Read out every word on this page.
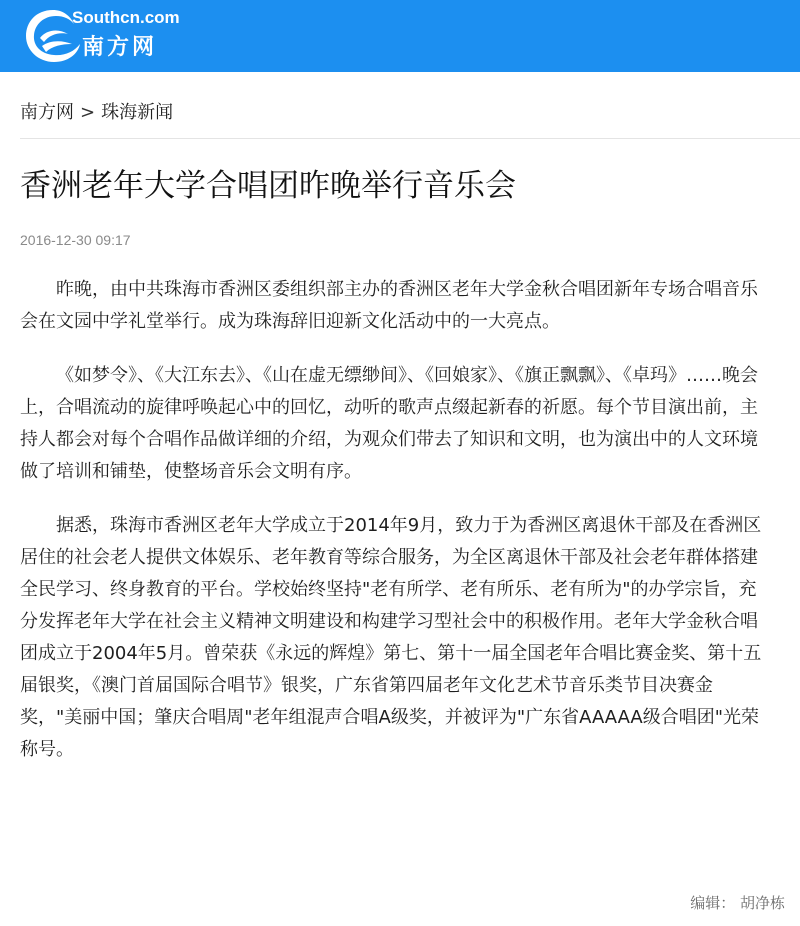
Southcn.com
南方网
南方网 > 珠海新闻
香洲老年大学合唱团昨晚举行音乐会
2016-12-30 09:17

昨晚，由中共珠海市香洲区委组织部主办的香洲区老年大学金秋合唱团新年专场合唱音乐会在文园中学礼堂举行。成为珠海辞旧迎新文化活动中的一大亮点。

《如梦令》、《大江东去》、《山在虚无缥缈间》、《回娘家》、《旗正飘飘》、《卓玛》……晚会上，合唱流动的旋律呼唤起心中的回忆，动听的歌声点缀起新春的祈愿。每个节目演出前，主持人都会对每个合唱作品做详细的介绍，为观众们带去了知识和文明，也为演出中的人文环境做了培训和铺垫，使整场音乐会文明有序。

据悉，珠海市香洲区老年大学成立于2014年9月，致力于为香洲区离退休干部及在香洲区居住的社会老人提供文体娱乐、老年教育等综合服务，为全区离退休干部及社会老年群体搭建全民学习、终身教育的平台。学校始终坚持"老有所学、老有所乐、老有所为"的办学宗旨，充分发挥老年大学在社会主义精神文明建设和构建学习型社会中的积极作用。老年大学金秋合唱团成立于2004年5月。曾荣获《永远的辉煌》第七、第十一届全国老年合唱比赛金奖、第十五届银奖，《澳门首届国际合唱节》银奖，广东省第四届老年文化艺术节音乐类节目决赛金奖，"美丽中国；肇庆合唱周"老年组混声合唱A级奖，并被评为"广东省AAAAA级合唱团"光荣称号。

编辑： 胡净栋
